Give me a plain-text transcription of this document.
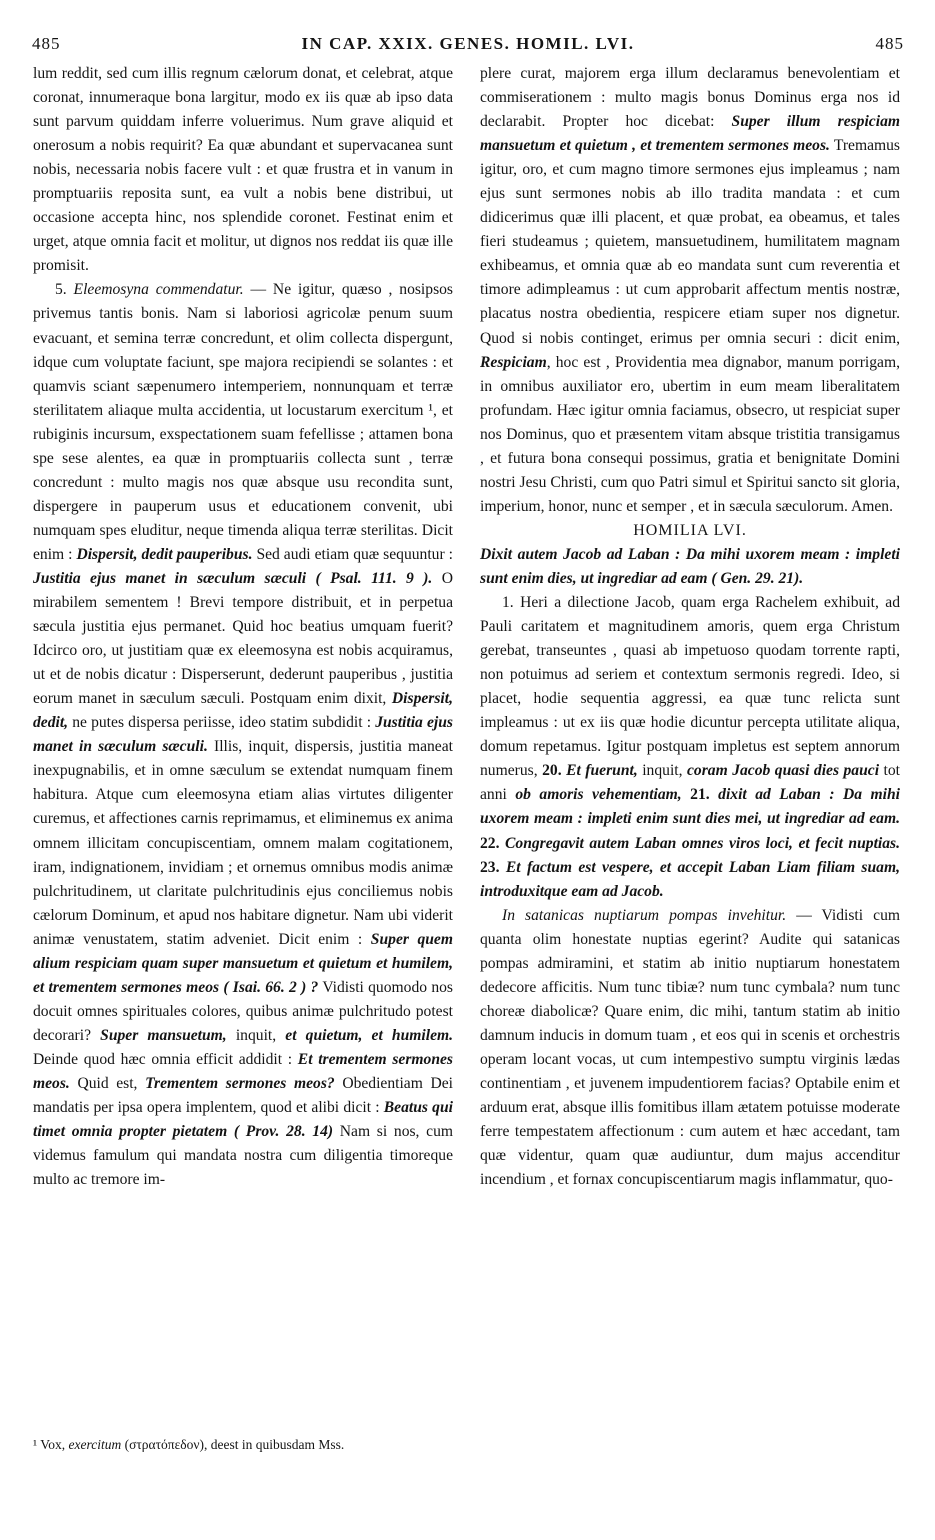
485	IN CAP. XXIX. GENES. HOMIL. LVI.	485

lum reddit, sed cum illis regnum cælorum donat, et celebrat, atque coronat, innumeraque bona largitur, modo ex iis quæ ab ipso data sunt parvum quiddam inferre voluerimus. Num grave aliquid et onerosum a nobis requirit? Ea quæ abundant et supervacanea sunt nobis, necessaria nobis facere vult : et quæ frustra et in vanum in promptuariis reposita sunt, ea vult a nobis bene distribui, ut occasione accepta hinc, nos splendide coronet. Festinat enim et urget, atque omnia facit et molitur, ut dignos nos reddat iis quæ ille promisit.

5. Eleemosyna commendatur. — Ne igitur, quæso , nosipsos privemus tantis bonis. Nam si laboriosi agricolæ penum suum evacuant, et semina terræ concredunt, et olim collecta dispergunt, idque cum voluptate faciunt, spe majora recipiendi se solantes : et quamvis sciant sæpenumero intemperiem, nonnunquam et terræ sterilitatem aliaque multa accidentia, ut locustarum exercitum ¹, et rubiginis incursum, exspectationem suam fefellisse ; attamen bona spe sese alentes, ea quæ in promptuariis collecta sunt , terræ concredunt : multo magis nos quæ absque usu recondita sunt, dispergere in pauperum usus et educationem convenit, ubi numquam spes eluditur, neque timenda aliqua terræ sterilitas. Dicit enim : Dispersit, dedit pauperibus. Sed audi etiam quæ sequuntur : Justitia ejus manet in sæculum sæculi ( Psal. 111. 9 ). O mirabilem sementem ! Brevi tempore distribuit, et in perpetua sæcula justitia ejus permanet. Quid hoc beatius umquam fuerit? Idcirco oro, ut justitiam quæ ex eleemosyna est nobis acquiramus, ut et de nobis dicatur : Disperserunt, dederunt pauperibus , justitia eorum manet in sæculum sæculi. Postquam enim dixit, Dispersit, dedit, ne putes dispersa periisse, ideo statim subdidit : Justitia ejus manet in sæculum sæculi. Illis, inquit, dispersis, justitia maneat inexpugnabilis, et in omne sæculum se extendat numquam finem habitura. Atque cum eleemosyna etiam alias virtutes diligenter curemus, et affectiones carnis reprimamus, et eliminemus ex anima omnem illicitam concupiscentiam, omnem malam cogitationem, iram, indignationem, invidiam ; et ornemus omnibus modis animæ pulchritudinem, ut claritate pulchritudinis ejus conciliemus nobis cælorum Dominum, et apud nos habitare dignetur. Nam ubi viderit animæ venustatem, statim adveniet. Dicit enim : Super quem alium respiciam quam super mansuetum et quietum et humilem, et trementem sermones meos ( Isai. 66. 2 ) ? Vidisti quomodo nos docuit omnes spirituales colores, quibus animæ pulchritudo potest decorari? Super mansuetum, inquit, et quietum, et humilem. Deinde quod hæc omnia efficit addidit : Et trementem sermones meos. Quid est, Trementem sermones meos? Obedientiam Dei mandatis per ipsa opera implentem, quod et alibi dicit : Beatus qui timet omnia propter pietatem ( Prov. 28. 14) Nam si nos, cum videmus famulum qui mandata nostra cum diligentia timoreque multo ac tremore im-

plere curat, majorem erga illum declaramus benevolentiam et commiserationem : multo magis bonus Dominus erga nos id declarabit. Propter hoc dicebat: Super illum respiciam mansuetum et quietum , et trementem sermones meos. Tremamus igitur, oro, et cum magno timore sermones ejus impleamus ; nam ejus sunt sermones nobis ab illo tradita mandata : et cum didicerimus quæ illi placent, et quæ probat, ea obeamus, et tales fieri studeamus ; quietem, mansuetudinem, humilitatem magnam exhibeamus, et omnia quæ ab eo mandata sunt cum reverentia et timore adimpleamus : ut cum approbarit affectum mentis nostræ, placatus nostra obedientia, respicere etiam super nos dignetur. Quod si nobis continget, erimus per omnia securi : dicit enim, Respiciam, hoc est , Providentia mea dignabor, manum porrigam, in omnibus auxiliator ero, ubertim in eum meam liberalitatem profundam. Hæc igitur omnia faciamus, obsecro, ut respiciat super nos Dominus, quo et præsentem vitam absque tristitia transigamus , et futura bona consequi possimus, gratia et benignitate Domini nostri Jesu Christi, cum quo Patri simul et Spiritui sancto sit gloria, imperium, honor, nunc et semper , et in sæcula sæculorum. Amen.

HOMILIA LVI.

Dixit autem Jacob ad Laban : Da mihi uxorem meam : impleti sunt enim dies, ut ingrediar ad eam ( Gen. 29. 21).

1. Heri a dilectione Jacob, quam erga Rachelem exhibuit, ad Pauli caritatem et magnitudinem amoris, quem erga Christum gerebat, transeuntes , quasi ab impetuoso quodam torrente rapti, non potuimus ad seriem et contextum sermonis regredi. Ideo, si placet, hodie sequentia aggressi, ea quæ tunc relicta sunt impleamus : ut ex iis quæ hodie dicuntur percepta utilitate aliqua, domum repetamus. Igitur postquam impletus est septem annorum numerus, 20. Et fuerunt, inquit, coram Jacob quasi dies pauci tot anni ob amoris vehementiam, 21. dixit ad Laban : Da mihi uxorem meam : impleti enim sunt dies mei, ut ingrediar ad eam. 22. Congregavit autem Laban omnes viros loci, et fecit nuptias. 23. Et factum est vespere, et accepit Laban Liam filiam suam, introduxitque eam ad Jacob.

In satanicas nuptiarum pompas invehitur. — Vidisti cum quanta olim honestate nuptias egerint? Audite qui satanicas pompas admiramini, et statim ab initio nuptiarum honestatem dedecore afficitis. Num tunc tibiæ? num tunc cymbala? num tunc choreæ diabolicæ? Quare enim, dic mihi, tantum statim ab initio damnum inducis in domum tuam , et eos qui in scenis et orchestris operam locant vocas, ut cum intempestivo sumptu virginis lædas continentiam , et juvenem impudentiorem facias? Optabile enim et arduum erat, absque illis fomitibus illam ætatem potuisse moderate ferre tempestatem affectionum : cum autem et hæc accedant, tam quæ videntur, quam quæ audiuntur, dum majus accenditur incendium , et fornax concupiscentiarum magis inflammatur, quo-

¹ Vox, exercitum (στρατόπεδον), deest in quibusdam Mss.
